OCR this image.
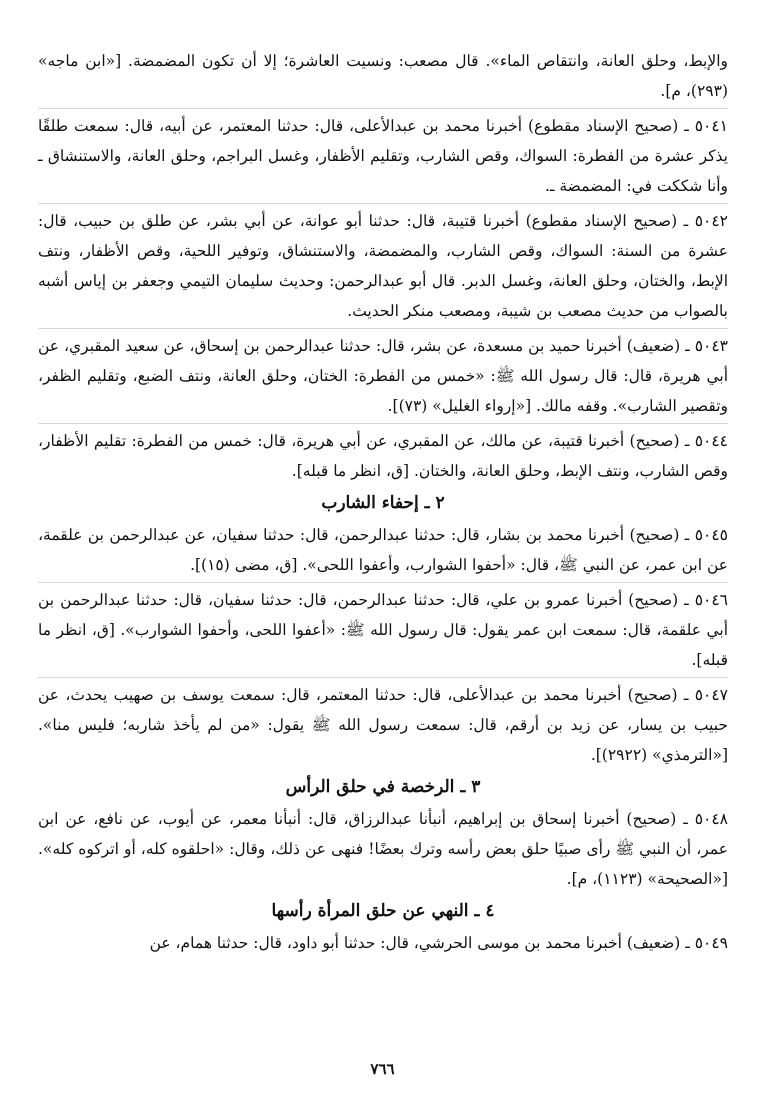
والإبط، وحلق العانة، وانتقاص الماء». قال مصعب: ونسيت العاشرة؛ إلا أن تكون المضمضة. [«ابن ماجه» (٢٩٣)، م].

٥٠٤١ ـ (صحيح الإسناد مقطوع) أخبرنا محمد بن عبدالأعلى، قال: حدثنا المعتمر، عن أبيه، قال: سمعت طلقًا يذكر عشرة من الفطرة: السواك، وقص الشارب، وتقليم الأظفار، وغسل البراجم، وحلق العانة، والاستنشاق ـ وأنا شككت في: المضمضة ـ.

٥٠٤٢ ـ (صحيح الإسناد مقطوع) أخبرنا قتيبة، قال: حدثنا أبو عوانة، عن أبي بشر، عن طلق بن حبيب، قال: عشرة من السنة: السواك، وقص الشارب، والمضمضة، والاستنشاق، وتوفير اللحية، وقص الأظفار، ونتف الإبط، والختان، وحلق العانة، وغسل الدبر. قال أبو عبدالرحمن: وحديث سليمان التيمي وجعفر بن إياس أشبه بالصواب من حديث مصعب بن شيبة، ومصعب منكر الحديث.

٥٠٤٣ ـ (ضعيف) أخبرنا حميد بن مسعدة، عن بشر، قال: حدثنا عبدالرحمن بن إسحاق، عن سعيد المقبري، عن أبي هريرة، قال: قال رسول الله ﷺ: «خمس من الفطرة: الختان، وحلق العانة، ونتف الضبع، وتقليم الظفر، وتقصير الشارب». وقفه مالك. [«إرواء الغليل» (٧٣)].

٥٠٤٤ ـ (صحيح) أخبرنا قتيبة، عن مالك، عن المقبري، عن أبي هريرة، قال: خمس من الفطرة: تقليم الأظفار، وقص الشارب، ونتف الإبط، وحلق العانة، والختان. [ق، انظر ما قبله].

٢ ـ إحفاء الشارب

٥٠٤٥ ـ (صحيح) أخبرنا محمد بن بشار، قال: حدثنا عبدالرحمن، قال: حدثنا سفيان، عن عبدالرحمن بن علقمة، عن ابن عمر، عن النبي ﷺ، قال: «أحفوا الشوارب، وأعفوا اللحى». [ق، مضى (١٥)].

٥٠٤٦ ـ (صحيح) أخبرنا عمرو بن علي، قال: حدثنا عبدالرحمن، قال: حدثنا سفيان، قال: حدثنا عبدالرحمن بن أبي علقمة، قال: سمعت ابن عمر يقول: قال رسول الله ﷺ: «أعفوا اللحى، وأحفوا الشوارب». [ق، انظر ما قبله].

٥٠٤٧ ـ (صحيح) أخبرنا محمد بن عبدالأعلى، قال: حدثنا المعتمر، قال: سمعت يوسف بن صهيب يحدث، عن حبيب بن يسار، عن زيد بن أرقم، قال: سمعت رسول الله ﷺ يقول: «من لم يأخذ شاربه؛ فليس منا». [«الترمذي» (٢٩٢٢)].

٣ ـ الرخصة في حلق الرأس

٥٠٤٨ ـ (صحيح) أخبرنا إسحاق بن إبراهيم، أنبأنا عبدالرزاق، قال: أنبأنا معمر، عن أيوب، عن نافع، عن ابن عمر، أن النبي ﷺ رأى صبيًا حلق بعض رأسه وترك بعضًا! فنهى عن ذلك، وقال: «احلقوه كله، أو اتركوه كله». [«الصحيحة» (١١٢٣)، م].

٤ ـ النهي عن حلق المرأة رأسها

٥٠٤٩ ـ (ضعيف) أخبرنا محمد بن موسى الحرشي، قال: حدثنا أبو داود، قال: حدثنا همام، عن

٧٦٦
